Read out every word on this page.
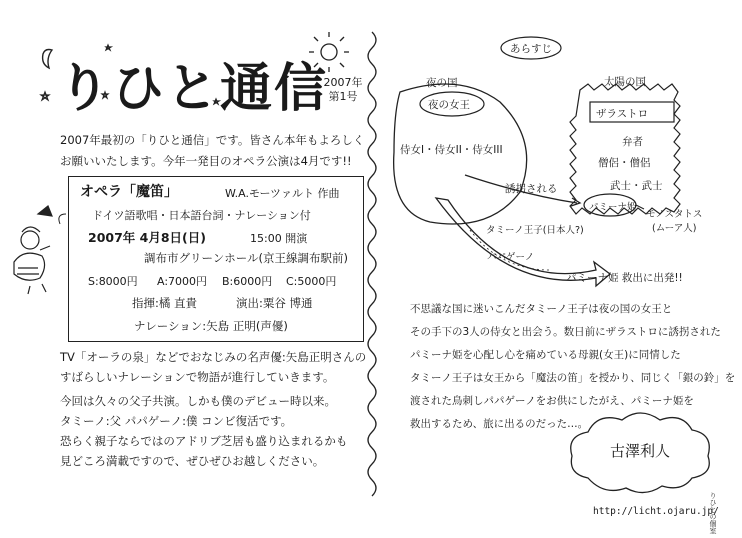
りひと通信
2007年
第1号
2007年最初の「りひと通信」です。皆さん本年もよろしく
お願いいたします。今年一発目のオペラ公演は4月です!!
オペラ「魔笛」	W.A.モーツァルト 作曲
ドイツ語歌唱・日本語台詞・ナレーション付
2007年 4月8日(日)	15:00 開演
調布市グリーンホール(京王線調布駅前)
S:8000円 A:7000円 B:6000円 C:5000円
指揮:橘 直貴	演出:粟谷 博通
ナレーション:矢島 正明(声優)
TV「オーラの泉」などでおなじみの名声優:矢島正明さんの
すばらしいナレーションで物語が進行していきます。
今回は久々の父子共演。しかも僕のデビュー時以来。
タミーノ:父 パパゲーノ:僕 コンビ復活です。
恐らく親子ならではのアドリブ芝居も盛り込まれるかも
見どころ満載ですので、ぜひぜひお越しください。
あらすじ
夜の国
夜の女王
侍女I・侍女II・侍女III
太陽の国
ザラストロ
弁者
僧侶・僧侶
武士・武士
誘拐される
パミーナ姫
モノスタトス
(ムーア人)
タミーノ王子(日本人?)
パパゲーノ
パミーナ姫 救出に出発!!
不思議な国に迷いこんだタミーノ王子は夜の国の女王と
その手下の3人の侍女と出会う。数日前にザラストロに誘拐された
パミーナ姫を心配し心を痛めている母親(女王)に同情した
タミーノ王子は女王から「魔法の笛」を授かり、同じく「銀の鈴」を
渡された鳥刺しパパゲーノをお供にしたがえ、パミーナ姫を
救出するため、旅に出るのだった…。
古澤利人
http://licht.ojaru.jp/
りひとの個室
